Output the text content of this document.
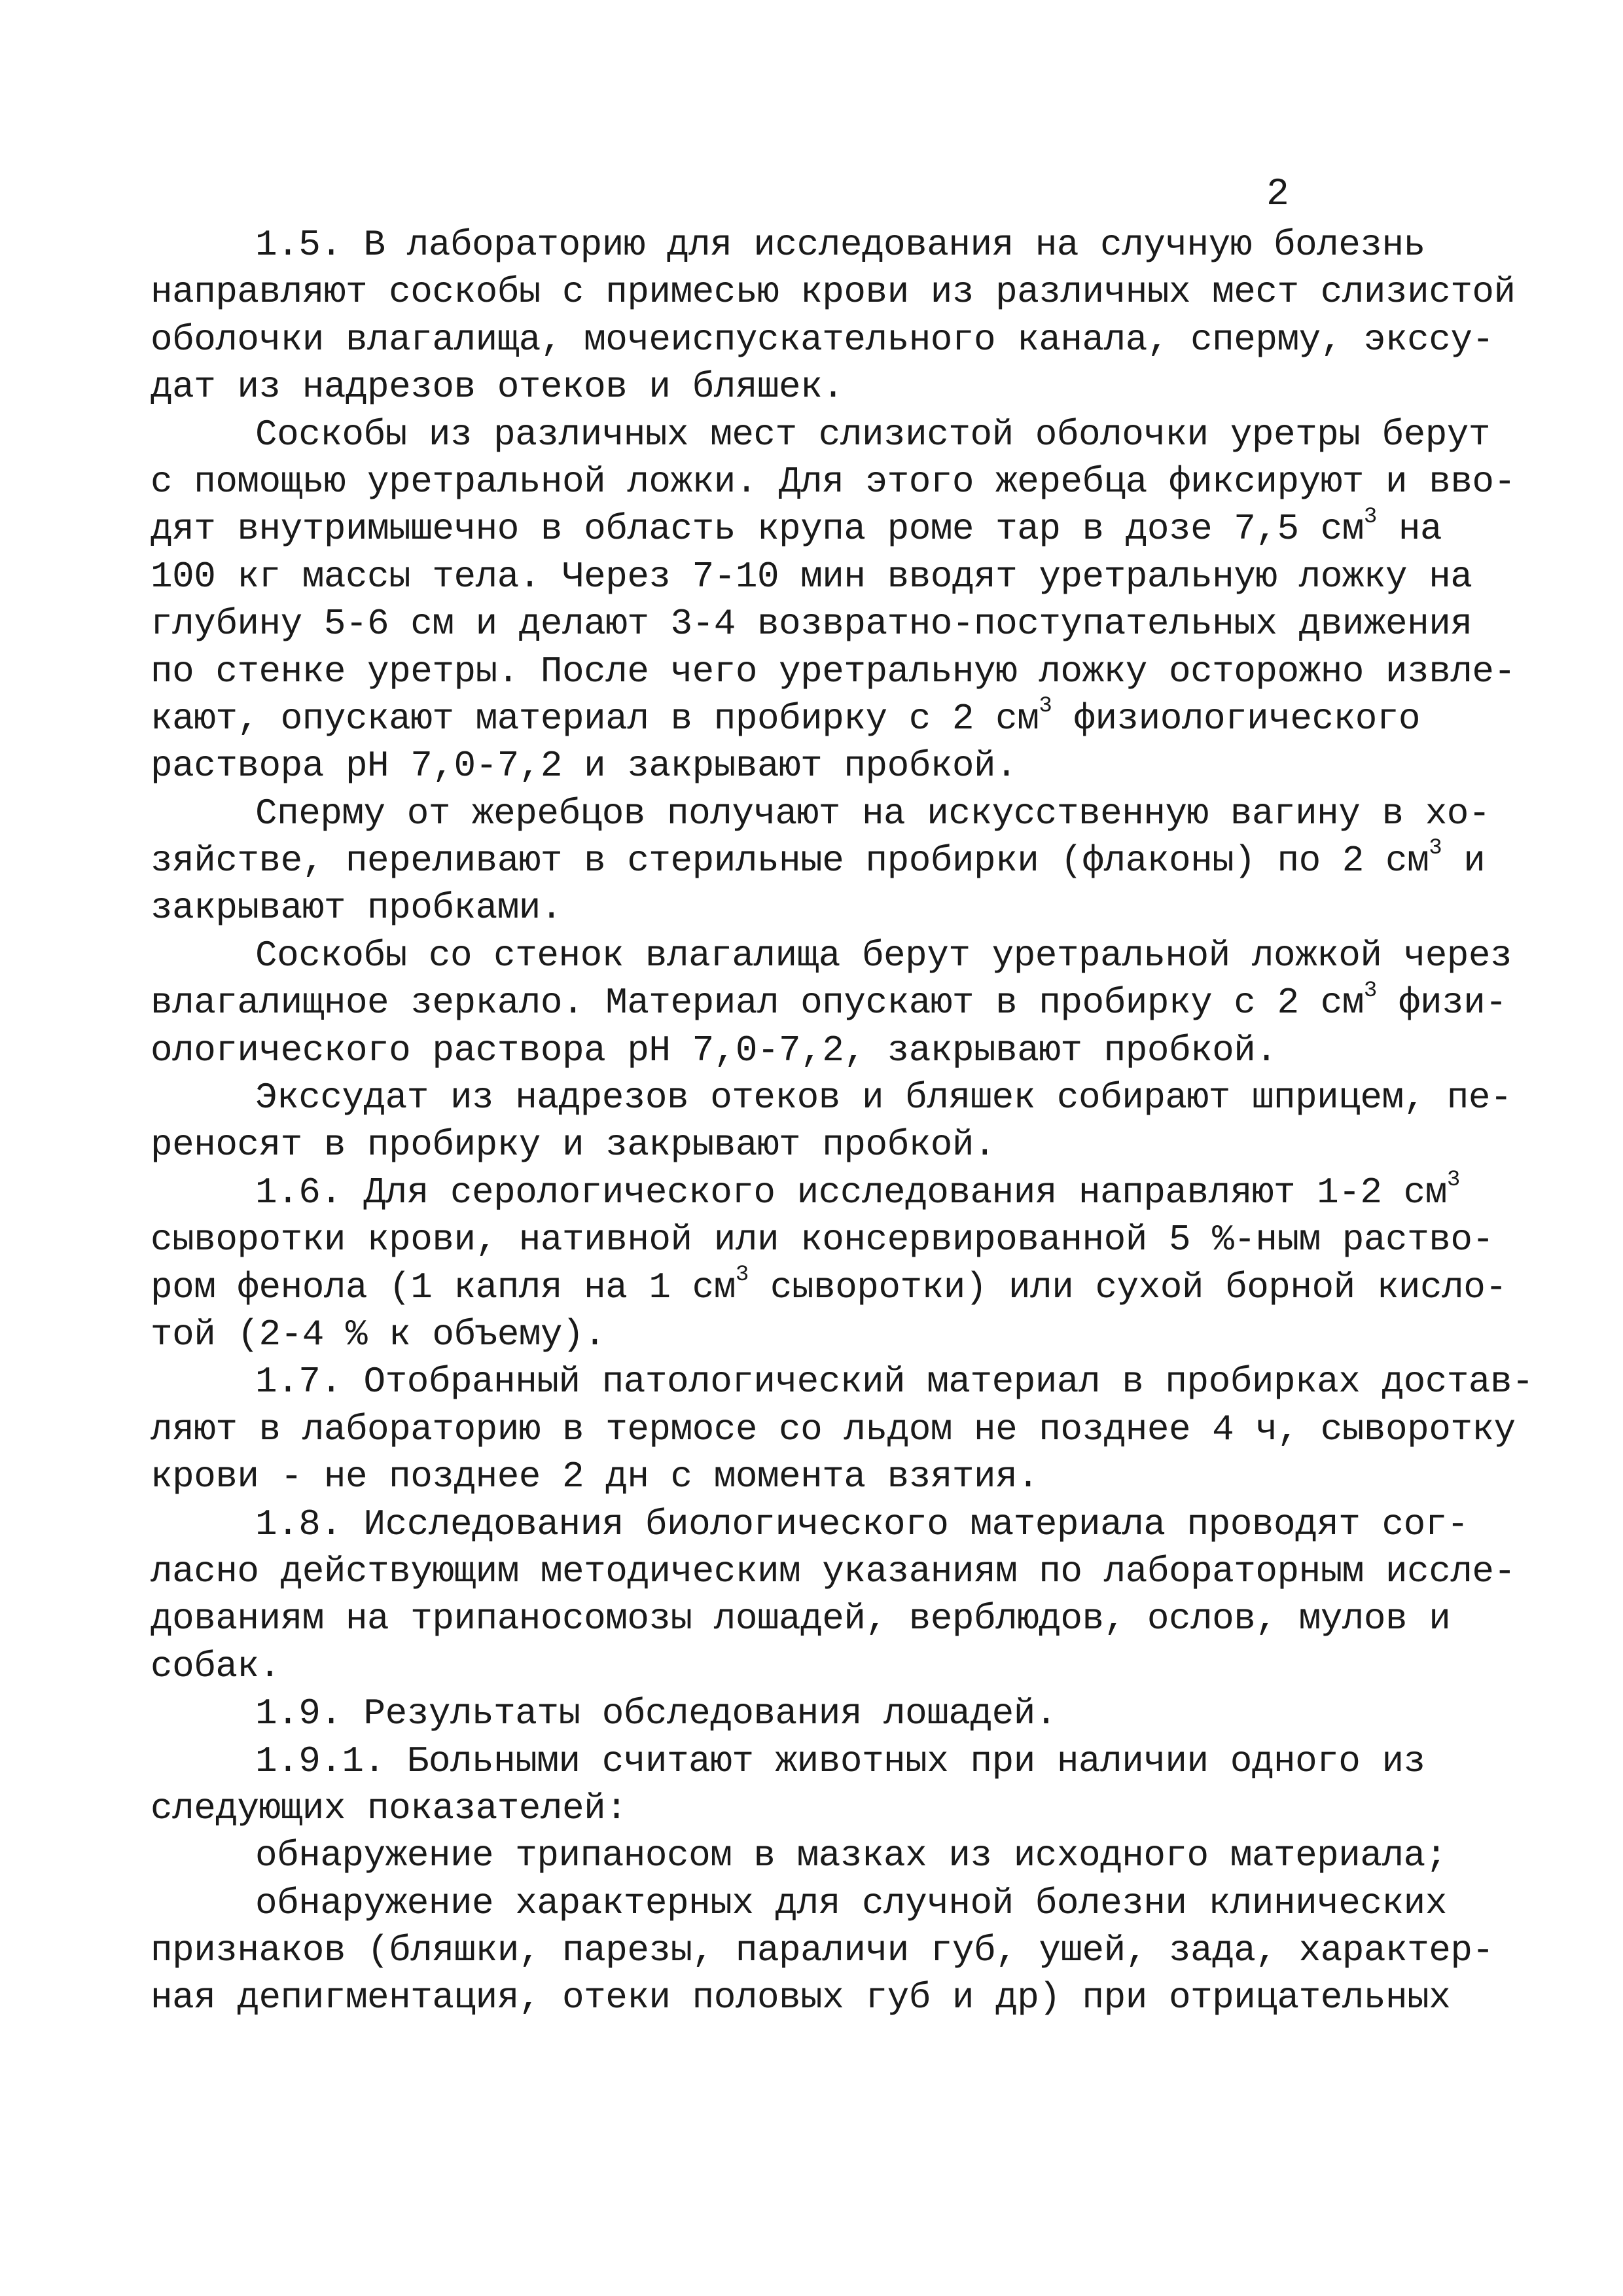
2

1.5. В лабораторию для исследования на случную болезнь
направляют соскобы с примесью крови из различных мест слизистой
оболочки влагалища, мочеиспускательного канала, сперму, экссу-
дат из надрезов отеков и бляшек.
Соскобы из различных мест слизистой оболочки уретры берут
с помощью уретральной ложки. Для этого жеребца фиксируют и вво-
дят внутримышечно в область крупа роме тар в дозе 7,5 $см^3$ на
100 кг массы тела. Через 7-10 мин вводят уретральную ложку на
глубину 5-6 см и делают 3-4 возвратно-поступательных движения
по стенке уретры. После чего уретральную ложку осторожно извле-
кают, опускают материал в пробирку с 2 $см^3$ физиологического
раствора pH 7,0-7,2 и закрывают пробкой.
Сперму от жеребцов получают на искусственную вагину в хо-
зяйстве, переливают в стерильные пробирки (флаконы) по 2 $см^3$ и
закрывают пробками.
Соскобы со стенок влагалища берут уретральной ложкой через
влагалищное зеркало. Материал опускают в пробирку с 2 $см^3$ физи-
ологического раствора pH 7,0-7,2, закрывают пробкой.
Экссудат из надрезов отеков и бляшек собирают шприцем, пе-
реносят в пробирку и закрывают пробкой.
1.6. Для серологического исследования направляют 1-2 $см^3$
сыворотки крови, нативной или консервированной 5 %-ным раство-
ром фенола (1 капля на 1 $см^3$ сыворотки) или сухой борной кисло-
той (2-4 % к объему).
1.7. Отобранный патологический материал в пробирках достав-
ляют в лабораторию в термосе со льдом не позднее 4 ч, сыворотку
крови - не позднее 2 дн с момента взятия.
1.8. Исследования биологического материала проводят сог-
ласно действующим методическим указаниям по лабораторным иссле-
дованиям на трипаносомозы лошадей, верблюдов, ослов, мулов и
собак.
1.9. Результаты обследования лошадей.
1.9.1. Больными считают животных при наличии одного из
следующих показателей:
обнаружение трипаносом в мазках из исходного материала;
обнаружение характерных для случной болезни клинических
признаков (бляшки, парезы, параличи губ, ушей, зада, характер-
ная депигментация, отеки половых губ и др) при отрицательных
